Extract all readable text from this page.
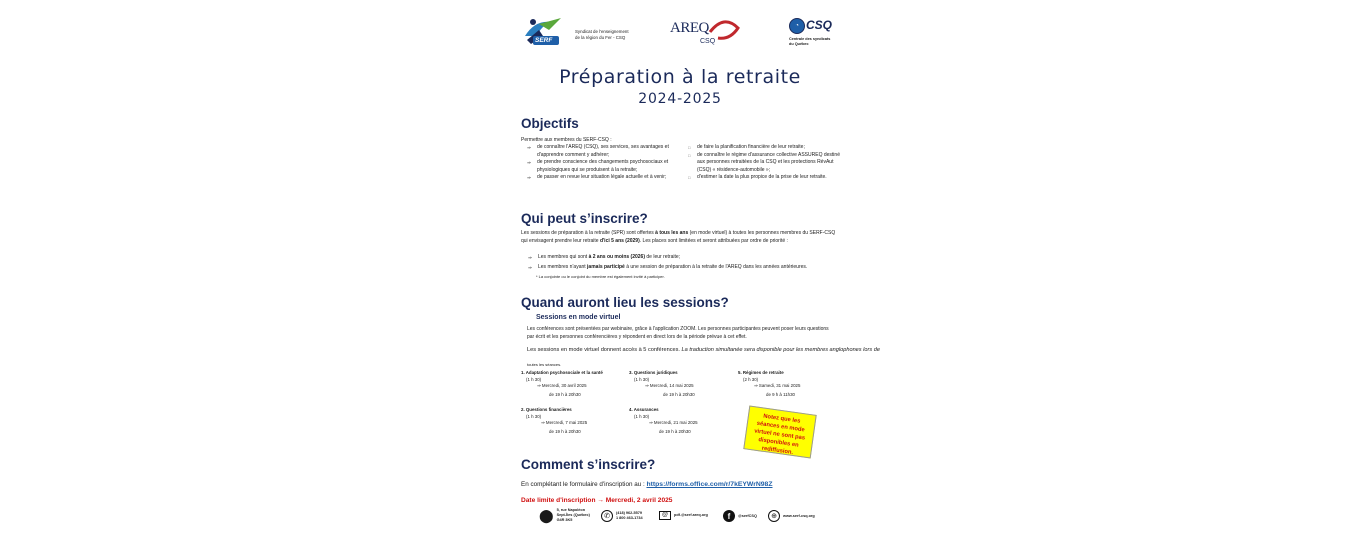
SERF
Syndicat de l'enseignement
de la région du Fer - CSQ
AREQ
CSQ
◔ CSQ
Centrale des syndicats
du Québec
Préparation à la retraite
2024-2025
Objectifs
Permettre aux membres du SERF-CSQ :
⇒ de connaître l'AREQ (CSQ), ses services, ses avantages et d'apprendre comment y adhérer;
⇒ de prendre conscience des changements psychosociaux et physiologiques qui se produisent à la retraite;
⇒ de passer en revue leur situation légale actuelle et à venir;
□ de faire la planification financière de leur retraite;
□ de connaître le régime d'assurance collective ASSUREQ destiné aux personnes retraitées de la CSQ et les protections RévAut (CSQ) « résidence-automobile »;
□ d'estimer la date la plus propice de la prise de leur retraite.
Qui peut s’inscrire?
Les sessions de préparation à la retraite (SPR) sont offertes à tous les ans (en mode virtuel) à toutes les personnes membres du SERF-CSQ qui envisagent prendre leur retraite d'ici 5 ans (2029). Les places sont limitées et seront attribuées par ordre de priorité :
⇒ Les membres qui sont à 2 ans ou moins (2026) de leur retraite;
⇒ Les membres n'ayant jamais participé à une session de préparation à la retraite de l'AREQ dans les années antérieures.
* La conjointe ou le conjoint du membre est également invité à participer.
Quand auront lieu les sessions?
Sessions en mode virtuel
Les conférences sont présentées par webinaire, grâce à l'application ZOOM. Les personnes participantes peuvent poser leurs questions par écrit et les personnes conférencières y répondent en direct lors de la période prévue à cet effet.
Les sessions en mode virtuel donnent accès à 5 conférences. La traduction simultanée sera disponible pour les membres anglophones lors de
toutes les séances.
1. Adaptation psychosociale et la santé
(1 h 30)
⇒ Mercredi, 30 avril 2025
de 19 h à 20h30
3. Questions juridiques
(1 h 30)
⇒ Mercredi, 14 mai 2025
de 19 h à 20h30
5. Régimes de retraite
(2 h 30)
⇒ Samedi, 31 mai 2025
de 9 h à 11h30
2. Questions financières
(1 h 30)
⇒ Mercredi, 7 mai 2025
de 19 h à 20h30
4. Assurances
(1 h 30)
⇒ Mercredi, 21 mai 2025
de 19 h à 20h30
Notez que les séances en mode virtuel ne sont pas disponibles en rediffusion.
Comment s’inscrire?
En complétant le formulaire d'inscription au : https://forms.office.com/r/7kEYWrN98Z
Date limite d'inscription → Mercredi, 2 avril 2025
⬤ 5, rue Napoléon
Sept-Îles (Québec)
G4R 3K5	✆	(418) 962-5579
1 800 463-1734	@	pdf.@serf.areq.org	f	@serfCSQ	⊕	www.serf-csq.org
